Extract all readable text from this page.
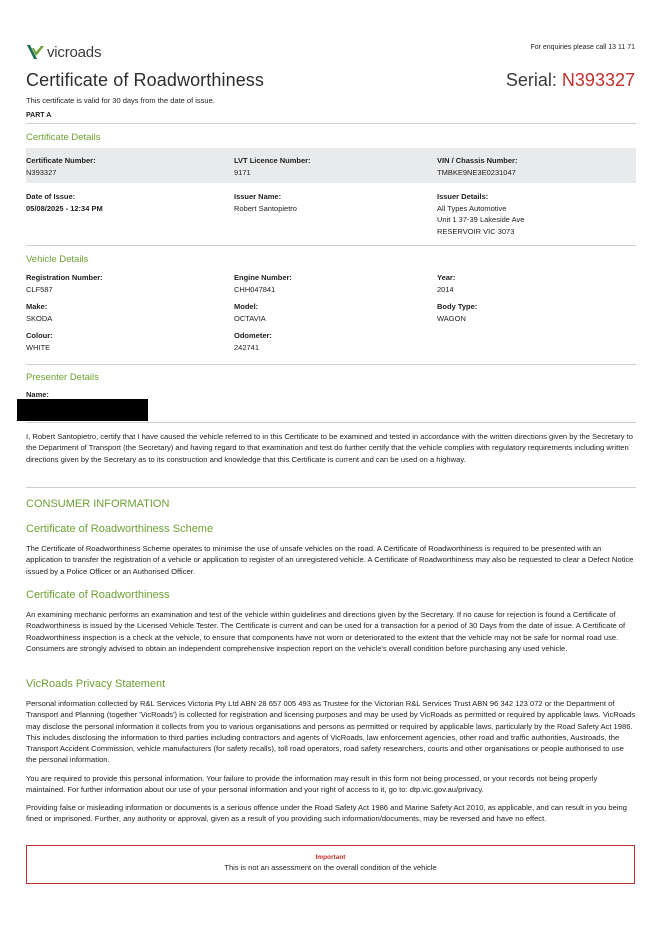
vicroads	For enquiries please call 13 11 71
Certificate of Roadworthiness	Serial: N393327
This certificate is valid for 30 days from the date of issue.
PART A
Certificate Details
Certificate Number:
N393327
LVT Licence Number:
9171
VIN / Chassis Number:
TMBKE9NE3E0231047
Date of Issue:
05/08/2025 - 12:34 PM
Issuer Name:
Robert Santopietro
Issuer Details:
All Types Automotive
Unit 1 37-39 Lakeside Ave
RESERVOIR VIC 3073
Vehicle Details
Registration Number:
CLF587
Engine Number:
CHH047841
Year:
2014
Make:
SKODA
Model:
OCTAVIA
Body Type:
WAGON
Colour:
WHITE
Odometer:
242741
Presenter Details
Name:
I, Robert Santopietro, certify that I have caused the vehicle referred to in this Certificate to be examined and tested in accordance with the written directions given by the Secretary to the Department of Transport (the Secretary) and having regard to that examination and test do further certify that the vehicle complies with regulatory requirements including written directions given by the Secretary as to its construction and knowledge that this Certificate is current and can be used on a highway.
CONSUMER INFORMATION
Certificate of Roadworthiness Scheme
The Certificate of Roadworthiness Scheme operates to minimise the use of unsafe vehicles on the road. A Certificate of Roadworthiness is required to be presented with an application to transfer the registration of a vehicle or application to register of an unregistered vehicle. A Certificate of Roadworthiness may also be requested to clear a Defect Notice issued by a Police Officer or an Authorised Officer.
Certificate of Roadworthiness
An examining mechanic performs an examination and test of the vehicle within guidelines and directions given by the Secretary. If no cause for rejection is found a Certificate of Roadworthiness is issued by the Licensed Vehicle Tester. The Certificate is current and can be used for a transaction for a period of 30 Days from the date of issue. A Certificate of Roadworthiness inspection is a check at the vehicle, to ensure that components have not worn or deteriorated to the extent that the vehicle may not be safe for normal road use. Consumers are strongly advised to obtain an independent comprehensive inspection report on the vehicle's overall condition before purchasing any used vehicle.
VicRoads Privacy Statement
Personal information collected by R&L Services Victoria Pty Ltd ABN 28 657 005 493 as Trustee for the Victorian R&L Services Trust ABN 96 342 123 072 or the Department of Transport and Planning (together 'VicRoads') is collected for registration and licensing purposes and may be used by VicRoads as permitted or required by applicable laws. VicRoads may disclose the personal information it collects from you to various organisations and persons as permitted or required by applicable laws, particularly by the Road Safety Act 1986. This includes disclosing the information to third parties including contractors and agents of VicRoads, law enforcement agencies, other road and traffic authorities, Austroads, the Transport Accident Commission, vehicle manufacturers (for safety recalls), toll road operators, road safety researchers, courts and other organisations or people authorised to use the personal information.
You are required to provide this personal information. Your failure to provide the information may result in this form not being processed, or your records not being properly maintained. For further information about our use of your personal information and your right of access to it, go to: dtp.vic.gov.au/privacy.
Providing false or misleading information or documents is a serious offence under the Road Safety Act 1986 and Marine Safety Act 2010, as applicable, and can result in you being fined or imprisoned. Further, any authority or approval, given as a result of you providing such information/documents, may be reversed and have no effect.
Important
This is not an assessment on the overall condition of the vehicle
